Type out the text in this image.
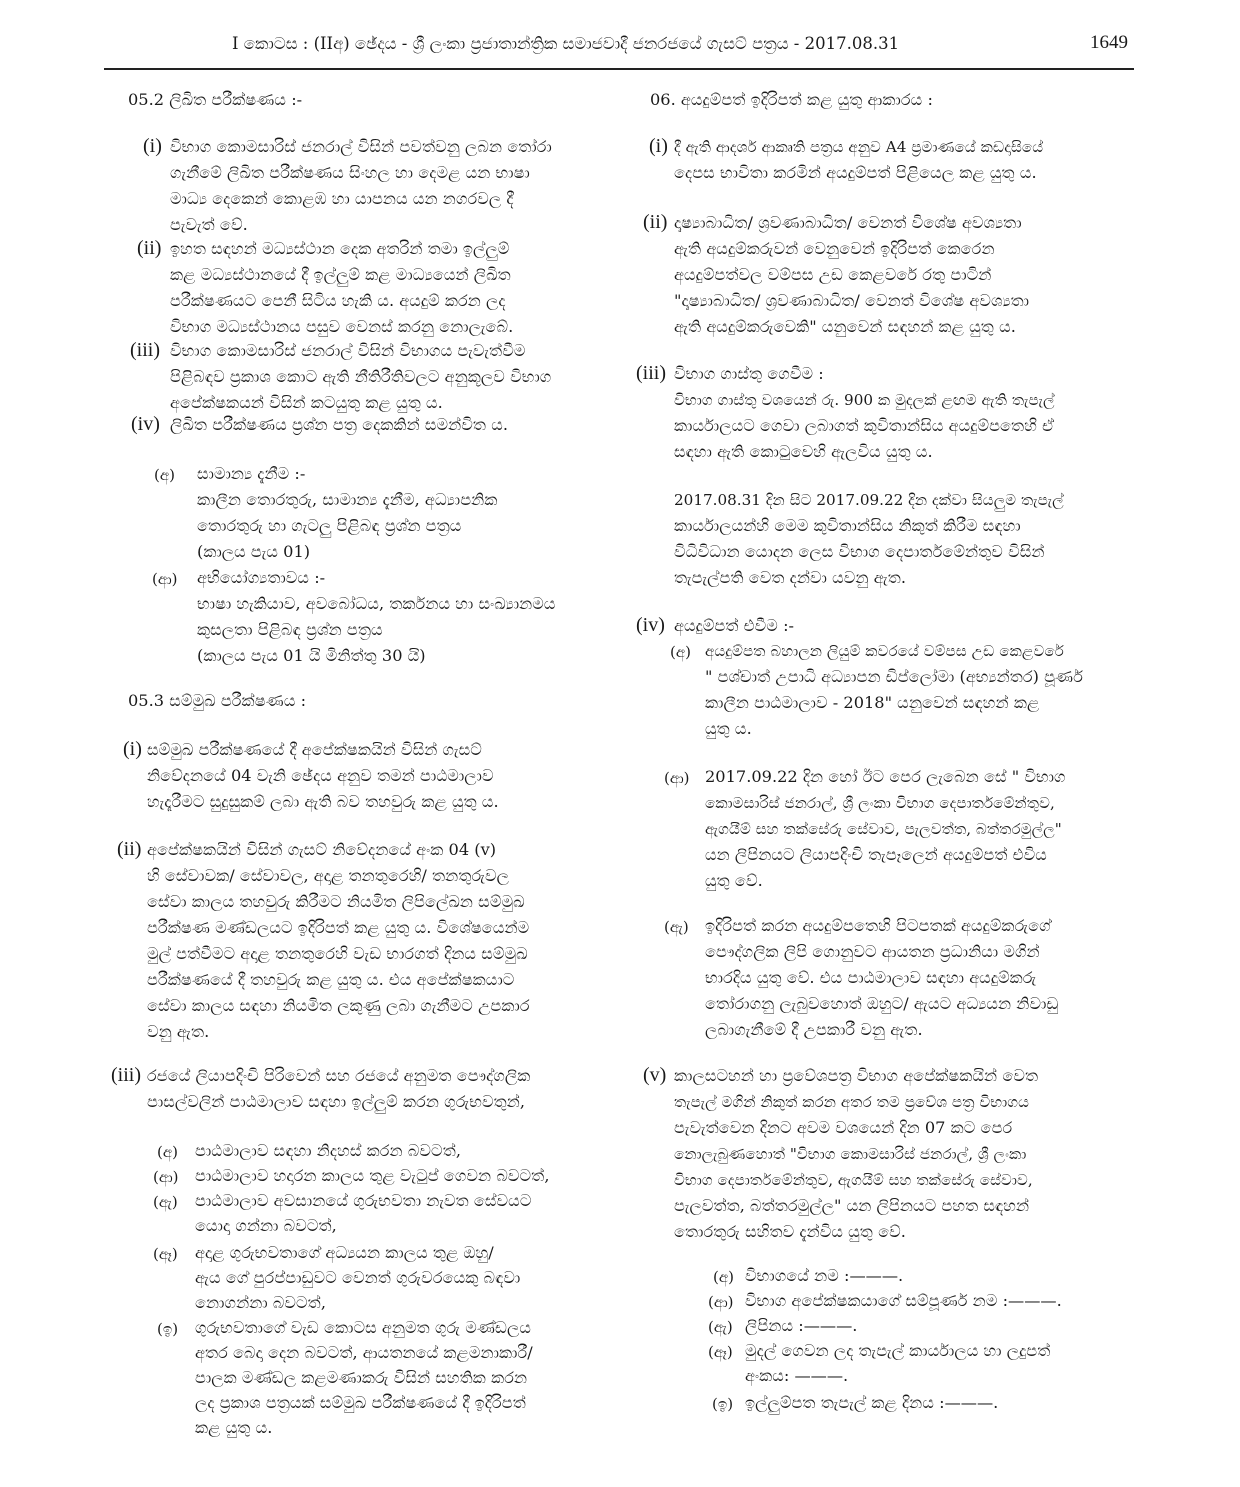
I කොටස : (IIඅ) ඡේදය - ශ්‍රී ලංකා ප්‍රජාතාන්ත්‍රික සමාජවාදී ජනරජයේ ගැසට් පත්‍රය - 2017.08.31	1649
05.2 ලිඛිත පරීක්ෂණය :-
(i) විභාග කොමසාරිස් ජනරාල් විසින් පවත්වනු ලබන තෝරා
ගැනීමේ ලිඛිත පරීක්ෂණය සිංහල හා දෙමළ යන භාෂා
මාධ්‍ය දෙකෙන් කොළඹ හා යාපනය යන නගරවල දී
පැවැත් වේ.
(ii) ඉහත සඳහන් මධ්‍යස්ථාන දෙක අතරින් තමා ඉල්ලුම්
කළ මධ්‍යස්ථානයේ දී ඉල්ලුම් කළ මාධ්‍යයෙන් ලිඛිත
පරීක්ෂණයට පෙනී සිටිය හැකි ය. අයදුම් කරන ලද
විභාග මධ්‍යස්ථානය පසුව වෙනස් කරනු නොලැබේ.
(iii) විභාග කොමසාරිස් ජනරාල් විසින් විභාගය පැවැත්වීම
පිළිබඳව ප්‍රකාශ කොට ඇති නීතිරීතිවලට අනුකූලව විභාග
අපේක්ෂකයන් විසින් කටයුතු කළ යුතු ය.
(iv) ලිඛිත පරීක්ෂණය ප්‍රශ්න පත්‍ර දෙකකින් සමන්විත ය.
(අ) සාමාන්‍ය දැනීම :-
කාලීන තොරතුරු, සාමාන්‍ය දැනීම, අධ්‍යාපනික
තොරතුරු හා ගැටලු පිළිබඳ ප්‍රශ්න පත්‍රය
(කාලය පැය 01)
(ආ) අභියෝග්‍යතාවය :-
භාෂා හැකියාව, අවබෝධය, තර්කනය හා සංඛ්‍යානමය
කුසලතා පිළිබඳ ප්‍රශ්න පත්‍රය
(කාලය පැය 01 යි මිනිත්තු 30 යි)
05.3 සම්මුඛ පරීක්ෂණය :
(i) සම්මුඛ පරීක්ෂණයේ දී අපේක්ෂකයින් විසින් ගැසට්
නිවේදනයේ 04 වැනි ඡේදය අනුව තමන් පාඨමාලාව
හැදෑරීමට සුදුසුකම් ලබා ඇති බව තහවුරු කළ යුතු ය.
(ii) අපේක්ෂකයින් විසින් ගැසට් නිවේදනයේ අංක 04 (v)
හි සේවාවක/ සේවාවල, අදාළ තනතුරෙහි/ තනතුරුවල
සේවා කාලය තහවුරු කිරීමට නියමිත ලිපිලේඛන සම්මුඛ
පරීක්ෂණ මණ්ඩලයට ඉදිරිපත් කළ යුතු ය. විශේෂයෙන්ම
මුල් පත්වීමට අදාළ තනතුරෙහි වැඩ භාරගත් දිනය සම්මුඛ
පරීක්ෂණයේ දී තහවුරු කළ යුතු ය. එය අපේක්ෂකයාට
සේවා කාලය සඳහා නියමිත ලකුණු ලබා ගැනීමට උපකාර
වනු ඇත.
(iii) රජයේ ලියාපදිංචි පිරිවෙන් සහ රජයේ අනුමත පෞද්ගලික
පාසල්වලින් පාඨමාලාව සඳහා ඉල්ලුම් කරන ගුරුභවතුන්,
(අ) පාඨමාලාව සඳහා නිදහස් කරන බවටත්,
(ආ) පාඨමාලාව හදාරන කාලය තුළ වැටුප් ගෙවන බවටත්,
(ඇ) පාඨමාලාව අවසානයේ ගුරුභවතා නැවත සේවයට
යොදා ගන්නා බවටත්,
(ඈ) අදාළ ගුරුභවතාගේ අධ්‍යයන කාලය තුළ ඔහු/
ඇය ගේ පුරප්පාඩුවට වෙනත් ගුරුවරයෙකු බඳවා
නොගන්නා බවටත්,
(ඉ) ගුරුභවතාගේ වැඩ කොටස අනුමත ගුරු මණ්ඩලය
අතර බෙදා දෙන බවටත්, ආයතනයේ කළමනාකාරී/
පාලක මණ්ඩල කළමණාකරු විසින් සහතික කරන
ලද ප්‍රකාශ පත්‍රයක් සම්මුඛ පරීක්ෂණයේ දී ඉදිරිපත්
කළ යුතු ය.
06. අයදුම්පත් ඉදිරිපත් කළ යුතු ආකාරය :
(i) දී ඇති ආදර්ශ ආකෘති පත්‍රය අනුව A4 ප්‍රමාණයේ කඩදාසියේ
දෙපස භාවිතා කරමින් අයදුම්පත් පිළියෙල කළ යුතු ය.
(ii) දෘෂ්‍යාබාධිත/ ශ්‍රවණාබාධිත/ වෙනත් විශේෂ අවශ්‍යතා
ඇති අයදුම්කරුවන් වෙනුවෙන් ඉදිරිපත් කෙරෙන
අයදුම්පත්වල වම්පස උඩ කෙළවරේ රතු පාටින්
"දෘෂ්‍යාබාධිත/ ශ්‍රවණාබාධිත/ වෙනත් විශේෂ අවශ්‍යතා
ඇති අයදුම්කරුවෙකි" යනුවෙන් සඳහන් කළ යුතු ය.
(iii) විභාග ගාස්තු ගෙවීම :
විභාග ගාස්තු වශයෙන් රු. 900 ක මුදලක් ළඟම ඇති තැපැල්
කාර්යාලයට ගෙවා ලබාගත් කුවිතාන්සිය අයදුම්පතෙහි ඒ
සඳහා ඇති කොටුවෙහි ඇලවිය යුතු ය.
2017.08.31 දින සිට 2017.09.22 දින දක්වා සියලුම තැපැල්
කාර්යාලයන්හි මෙම කුවිතාන්සිය නිකුත් කිරීම සඳහා
විධිවිධාන යොදන ලෙස විභාග දෙපාර්තමේන්තුව විසින්
තැපැල්පති වෙත දන්වා යවනු ඇත.
(iv) අයදුම්පත් එවීම :-
(අ) අයදුම්පත බහාලන ලියුම් කවරයේ වම්පස උඩ කෙළවරේ
" පශ්චාත් උපාධි අධ්‍යාපන ඩිප්ලෝමා (අභ්‍යන්තර) පූර්ණ
කාලීන පාඨමාලාව - 2018" යනුවෙන් සඳහන් කළ
යුතු ය.
(ආ) 2017.09.22 දින හෝ ඊට පෙර ලැබෙන සේ " විභාග
කොමසාරිස් ජනරාල්, ශ්‍රී ලංකා විභාග දෙපාර්තමේන්තුව,
ඇගයීම් සහ තක්සේරු සේවාව, පැලවත්ත, බත්තරමුල්ල"
යන ලිපිනයට ලියාපදිංචි තැපෑලෙන් අයදුම්පත් එවිය
යුතු වේ.
(ඇ) ඉදිරිපත් කරන අයදුම්පතෙහි පිටපතක් අයදුම්කරුගේ
පෞද්ගලික ලිපි ගොනුවට ආයතන ප්‍රධානියා මගින්
භාරදිය යුතු වේ. එය පාඨමාලාව සඳහා අයදුම්කරු
තෝරාගනු ලැබුවහොත් ඔහුට/ ඇයට අධ්‍යයන නිවාඩු
ලබාගැනීමේ දී උපකාරී වනු ඇත.
(v) කාලසටහන් හා ප්‍රවේශපත්‍ර විභාග අපේක්ෂකයින් වෙත
තැපැල් මගින් නිකුත් කරන අතර තම ප්‍රවේශ පත්‍ර විභාගය
පැවැත්වෙන දිනට අවම වශයෙන් දින 07 කට පෙර
නොලැබුණහොත් "විභාග කොමසාරිස් ජනරාල්, ශ්‍රී ලංකා
විභාග දෙපාර්තමේන්තුව, ඇගයීම් සහ තක්සේරු සේවාව,
පැලවත්ත, බත්තරමුල්ල" යන ලිපිනයට පහත සඳහන්
තොරතුරු සහිතව දැන්විය යුතු වේ.
(අ) විභාගයේ නම :———.
(ආ) විභාග අපේක්ෂකයාගේ සම්පූර්ණ නම :———.
(ඇ) ලිපිනය :———.
(ඈ) මුදල් ගෙවන ලද තැපැල් කාර්යාලය හා ලදුපත්
අංකය: ———.
(ඉ) ඉල්ලුම්පත තැපැල් කළ දිනය :———.
